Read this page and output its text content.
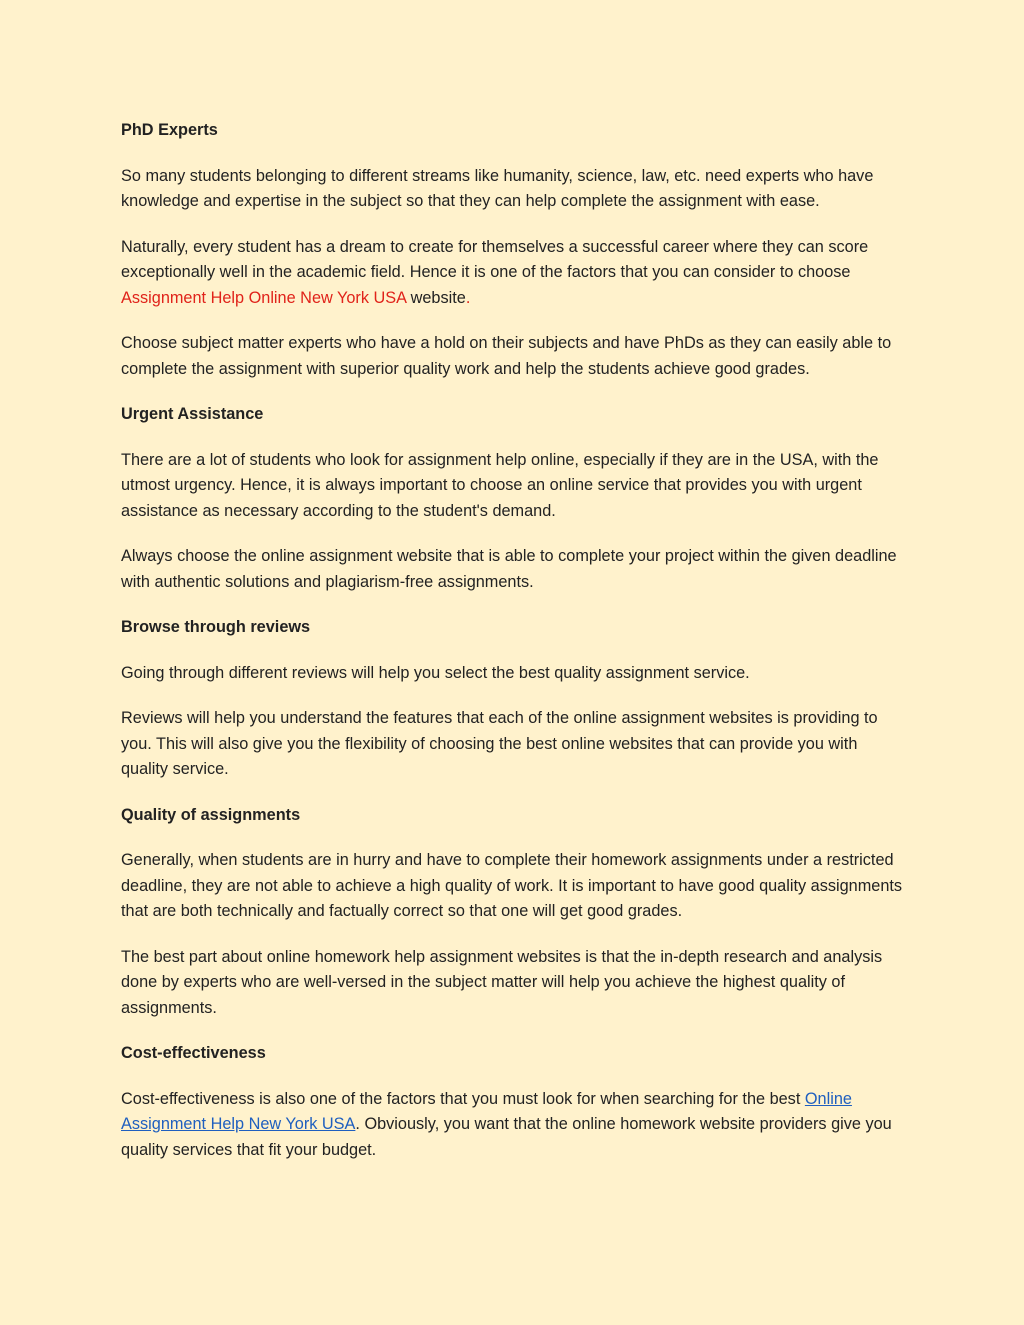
PhD Experts
So many students belonging to different streams like humanity, science, law, etc. need experts who have knowledge and expertise in the subject so that they can help complete the assignment with ease.
Naturally, every student has a dream to create for themselves a successful career where they can score exceptionally well in the academic field. Hence it is one of the factors that you can consider to choose Assignment Help Online New York USA website.
Choose subject matter experts who have a hold on their subjects and have PhDs as they can easily able to complete the assignment with superior quality work and help the students achieve good grades.
Urgent Assistance
There are a lot of students who look for assignment help online, especially if they are in the USA, with the utmost urgency. Hence, it is always important to choose an online service that provides you with urgent assistance as necessary according to the student's demand.
Always choose the online assignment website that is able to complete your project within the given deadline with authentic solutions and plagiarism-free assignments.
Browse through reviews
Going through different reviews will help you select the best quality assignment service.
Reviews will help you understand the features that each of the online assignment websites is providing to you. This will also give you the flexibility of choosing the best online websites that can provide you with quality service.
Quality of assignments
Generally, when students are in hurry and have to complete their homework assignments under a restricted deadline, they are not able to achieve a high quality of work. It is important to have good quality assignments that are both technically and factually correct so that one will get good grades.
The best part about online homework help assignment websites is that the in-depth research and analysis done by experts who are well-versed in the subject matter will help you achieve the highest quality of assignments.
Cost-effectiveness
Cost-effectiveness is also one of the factors that you must look for when searching for the best Online Assignment Help New York USA. Obviously, you want that the online homework website providers give you quality services that fit your budget.
